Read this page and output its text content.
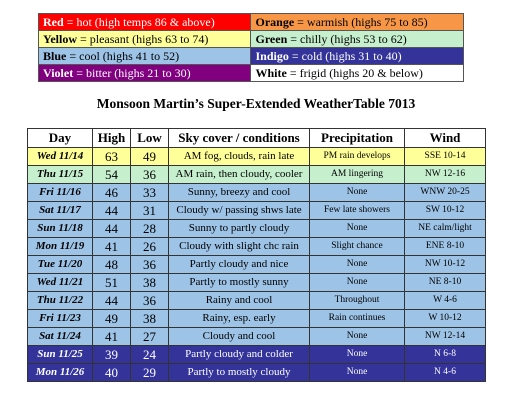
Red = hot (high temps 86 & above)	Orange = warmish (highs 75 to 85)
Yellow = pleasant (highs 63 to 74)	Green = chilly (highs 53 to 62)
Blue = cool (highs 41 to 52)	Indigo = cold (highs 31 to 40)
Violet = bitter (highs 21 to 30)	White = frigid (highs 20 & below)
Monsoon Martin’s Super-Extended WeatherTable 7013
Day	High	Low	Sky cover / conditions	Precipitation	Wind
Wed 11/14	63	49	AM fog, clouds, rain late	PM rain develops	SSE 10-14
Thu 11/15	54	36	AM rain, then cloudy, cooler	AM lingering	NW 12-16
Fri 11/16	46	33	Sunny, breezy and cool	None	WNW 20-25
Sat 11/17	44	31	Cloudy w/ passing shws late	Few late showers	SW 10-12
Sun 11/18	44	28	Sunny to partly cloudy	None	NE calm/light
Mon 11/19	41	26	Cloudy with slight chc rain	Slight chance	ENE 8-10
Tue 11/20	48	36	Partly cloudy and nice	None	NW 10-12
Wed 11/21	51	38	Partly to mostly sunny	None	NE 8-10
Thu 11/22	44	36	Rainy and cool	Throughout	W 4-6
Fri 11/23	49	38	Rainy, esp. early	Rain continues	W 10-12
Sat 11/24	41	27	Cloudy and cool	None	NW 12-14
Sun 11/25	39	24	Partly cloudy and colder	None	N 6-8
Mon 11/26	40	29	Partly to mostly cloudy	None	N 4-6
